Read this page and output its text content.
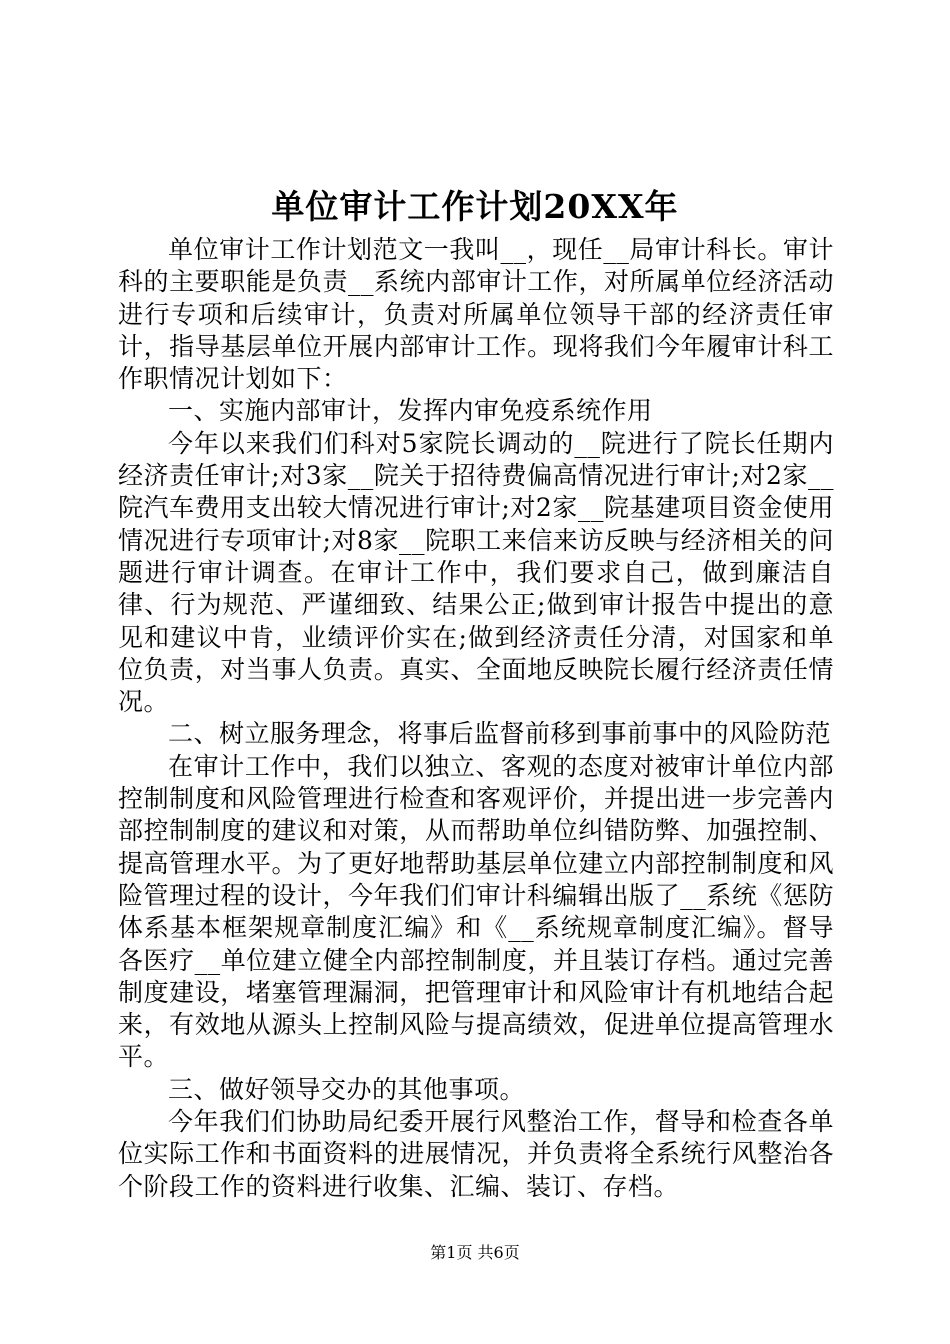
单位审计工作计划20XX年

单位审计工作计划范文一我叫__，现任__局审计科长。审计科的主要职能是负责__系统内部审计工作，对所属单位经济活动进行专项和后续审计，负责对所属单位领导干部的经济责任审计，指导基层单位开展内部审计工作。现将我们今年履审计科工作职情况计划如下：

一、实施内部审计，发挥内审免疫系统作用

今年以来我们们科对5家院长调动的__院进行了院长任期内经济责任审计;对3家__院关于招待费偏高情况进行审计;对2家__院汽车费用支出较大情况进行审计;对2家__院基建项目资金使用情况进行专项审计;对8家__院职工来信来访反映与经济相关的问题进行审计调查。在审计工作中，我们要求自己，做到廉洁自律、行为规范、严谨细致、结果公正;做到审计报告中提出的意见和建议中肯，业绩评价实在;做到经济责任分清，对国家和单位负责，对当事人负责。真实、全面地反映院长履行经济责任情况。

二、树立服务理念，将事后监督前移到事前事中的风险防范

在审计工作中，我们以独立、客观的态度对被审计单位内部控制制度和风险管理进行检查和客观评价，并提出进一步完善内部控制制度的建议和对策，从而帮助单位纠错防弊、加强控制、提高管理水平。为了更好地帮助基层单位建立内部控制制度和风险管理过程的设计，今年我们们审计科编辑出版了__系统《惩防体系基本框架规章制度汇编》和《__系统规章制度汇编》。督导各医疗__单位建立健全内部控制制度，并且装订存档。通过完善制度建设，堵塞管理漏洞，把管理审计和风险审计有机地结合起来，有效地从源头上控制风险与提高绩效，促进单位提高管理水平。

三、做好领导交办的其他事项。

今年我们们协助局纪委开展行风整治工作，督导和检查各单位实际工作和书面资料的进展情况，并负责将全系统行风整治各个阶段工作的资料进行收集、汇编、装订、存档。

第1页 共6页
